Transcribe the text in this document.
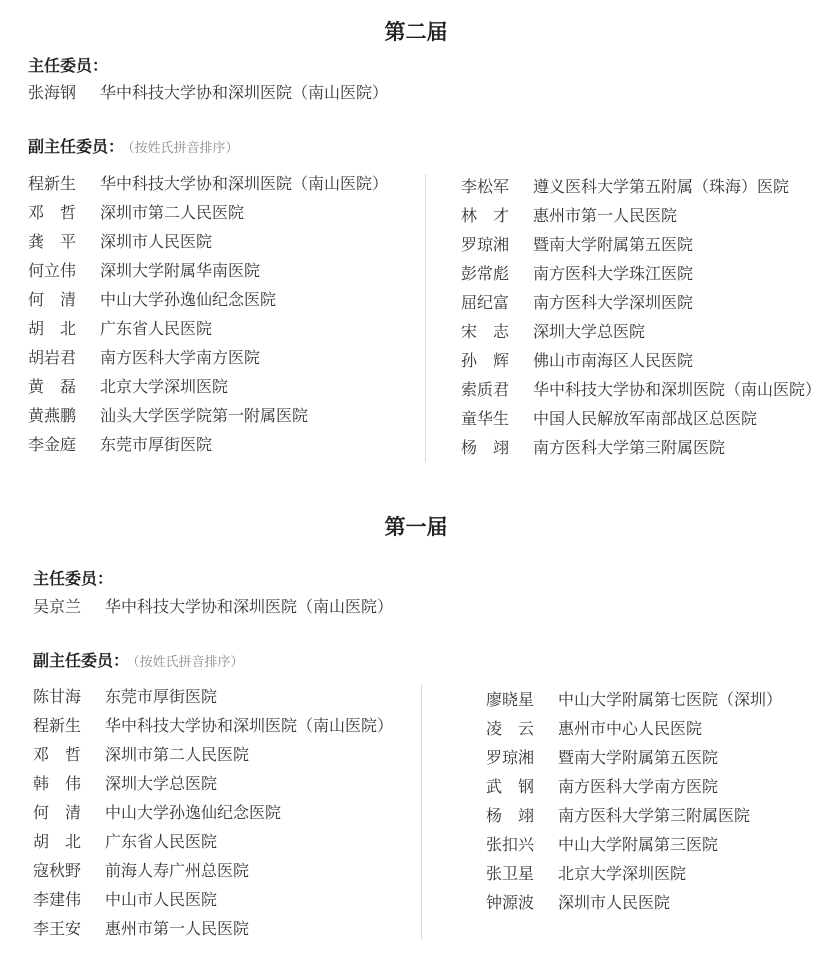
第二届
主任委员：
张海钢 华中科技大学协和深圳医院（南山医院）
副主任委员： （按姓氏拼音排序）
程新生 华中科技大学协和深圳医院（南山医院）
邓　哲 深圳市第二人民医院
龚　平 深圳市人民医院
何立伟 深圳大学附属华南医院
何　清 中山大学孙逸仙纪念医院
胡　北 广东省人民医院
胡岩君 南方医科大学南方医院
黄　磊 北京大学深圳医院
黄燕鹏 汕头大学医学院第一附属医院
李金庭 东莞市厚街医院
李松军 遵义医科大学第五附属（珠海）医院
林　才 惠州市第一人民医院
罗琼湘 暨南大学附属第五医院
彭常彪 南方医科大学珠江医院
屈纪富 南方医科大学深圳医院
宋　志 深圳大学总医院
孙　辉 佛山市南海区人民医院
索质君 华中科技大学协和深圳医院（南山医院）
童华生 中国人民解放军南部战区总医院
杨　翊 南方医科大学第三附属医院
第一届
主任委员：
吴京兰 华中科技大学协和深圳医院（南山医院）
副主任委员： （按姓氏拼音排序）
陈甘海 东莞市厚街医院
程新生 华中科技大学协和深圳医院（南山医院）
邓　哲 深圳市第二人民医院
韩　伟 深圳大学总医院
何　清 中山大学孙逸仙纪念医院
胡　北 广东省人民医院
寇秋野 前海人寿广州总医院
李建伟 中山市人民医院
李王安 惠州市第一人民医院
廖晓星 中山大学附属第七医院（深圳）
凌　云 惠州市中心人民医院
罗琼湘 暨南大学附属第五医院
武　钢 南方医科大学南方医院
杨　翊 南方医科大学第三附属医院
张扣兴 中山大学附属第三医院
张卫星 北京大学深圳医院
钟源波 深圳市人民医院
